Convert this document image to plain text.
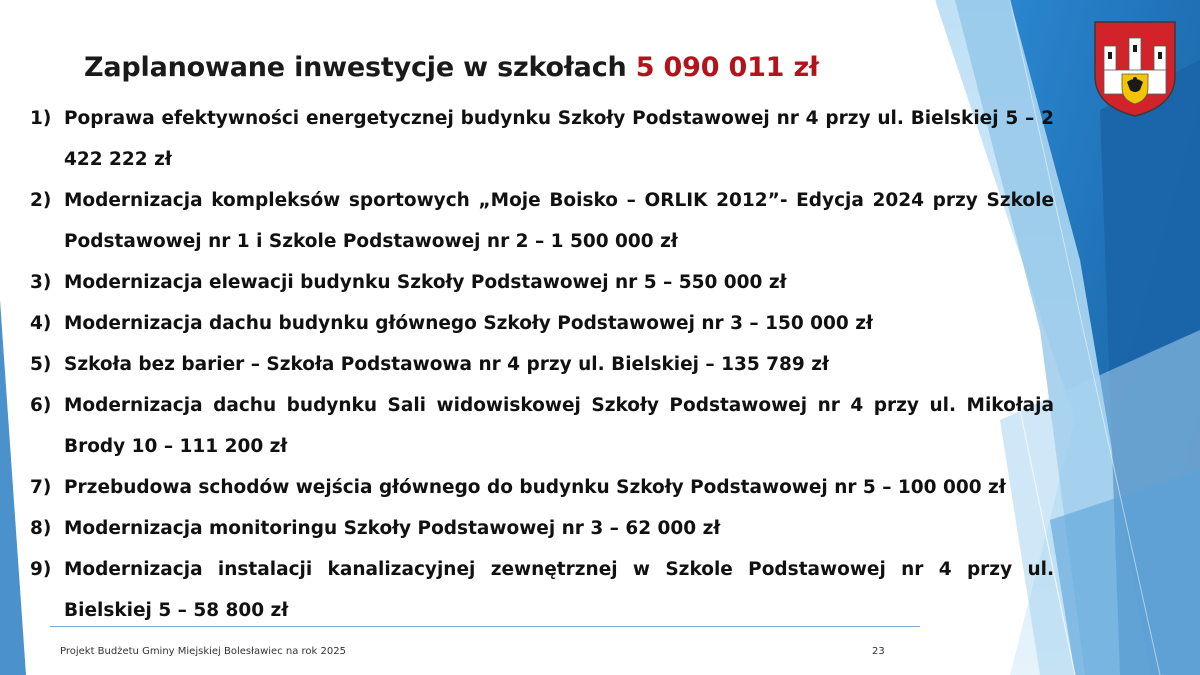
Zaplanowane inwestycje w szkołach 5 090 011 zł
1) Poprawa efektywności energetycznej budynku Szkoły Podstawowej nr 4 przy ul. Bielskiej 5 – 2 422 222 zł
2) Modernizacja kompleksów sportowych „Moje Boisko – ORLIK 2012”- Edycja 2024 przy Szkole Podstawowej nr 1 i Szkole Podstawowej nr 2 – 1 500 000 zł
3) Modernizacja elewacji budynku Szkoły Podstawowej nr 5 – 550 000 zł
4) Modernizacja dachu budynku głównego Szkoły Podstawowej nr 3 – 150 000 zł
5) Szkoła bez barier – Szkoła Podstawowa nr 4 przy ul. Bielskiej – 135 789 zł
6) Modernizacja dachu budynku Sali widowiskowej Szkoły Podstawowej nr 4 przy ul. Mikołaja Brody 10 – 111 200 zł
7) Przebudowa schodów wejścia głównego do budynku Szkoły Podstawowej nr 5 – 100 000 zł
8) Modernizacja monitoringu Szkoły Podstawowej nr 3 – 62 000 zł
9) Modernizacja instalacji kanalizacyjnej zewnętrznej w Szkole Podstawowej nr 4 przy ul. Bielskiej 5 – 58 800 zł
Projekt Budżetu Gminy Miejskiej Bolesławiec na rok 2025	23
